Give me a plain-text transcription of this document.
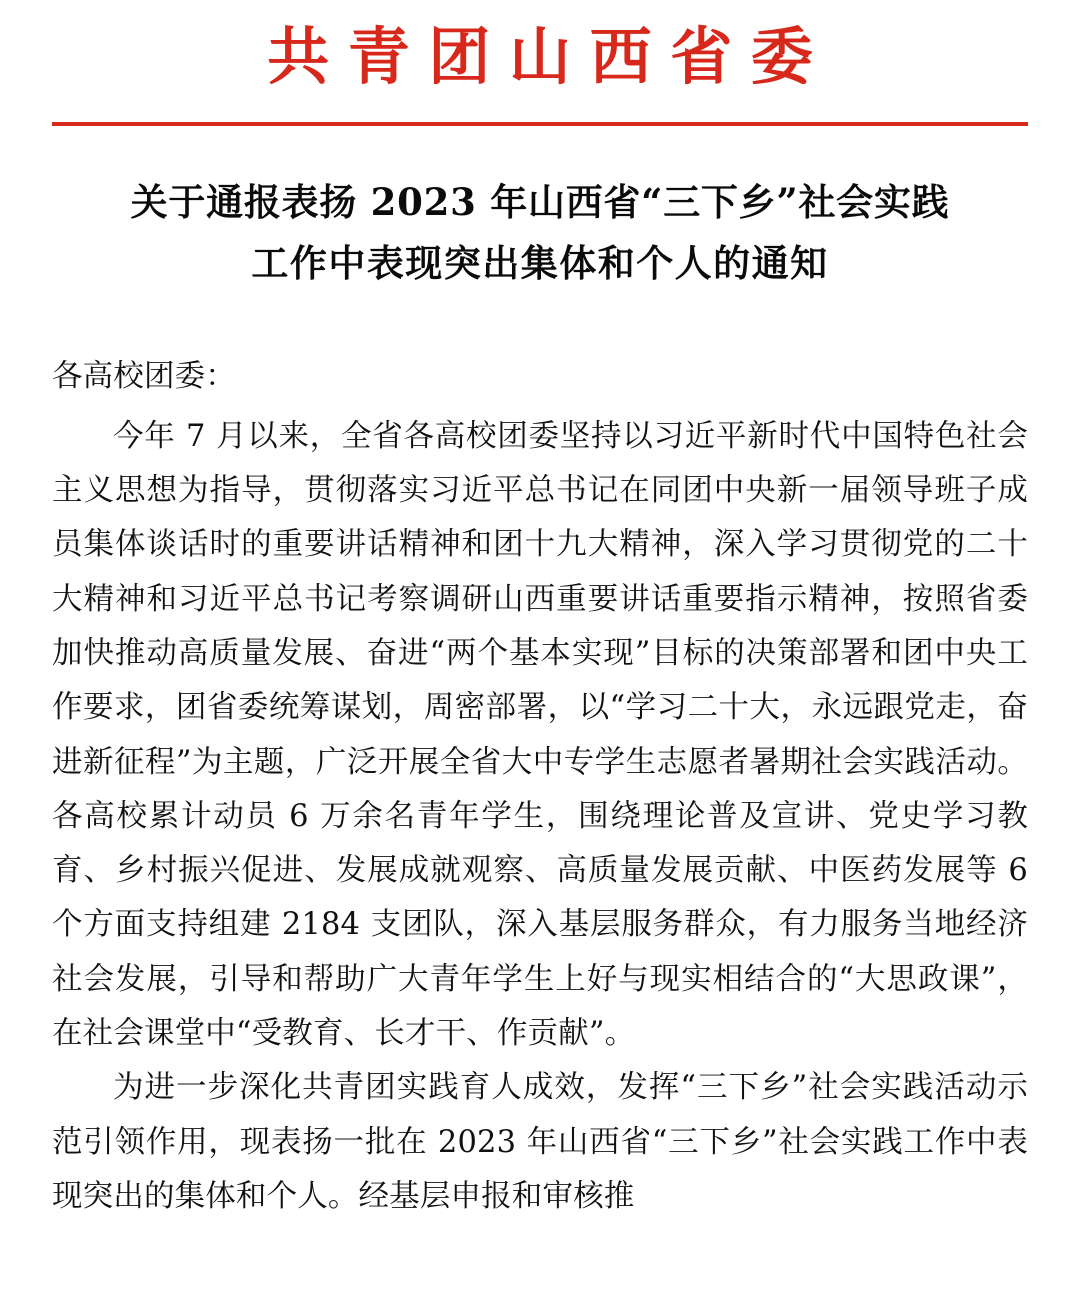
共青团山西省委
关于通报表扬 2023 年山西省“三下乡”社会实践
工作中表现突出集体和个人的通知

各高校团委：

今年 7 月以来，全省各高校团委坚持以习近平新时代中国特色社会主义思想为指导，贯彻落实习近平总书记在同团中央新一届领导班子成员集体谈话时的重要讲话精神和团十九大精神，深入学习贯彻党的二十大精神和习近平总书记考察调研山西重要讲话重要指示精神，按照省委加快推动高质量发展、奋进“两个基本实现”目标的决策部署和团中央工作要求，团省委统筹谋划，周密部署，以“学习二十大，永远跟党走，奋进新征程”为主题，广泛开展全省大中专学生志愿者暑期社会实践活动。各高校累计动员 6 万余名青年学生，围绕理论普及宣讲、党史学习教育、乡村振兴促进、发展成就观察、高质量发展贡献、中医药发展等 6 个方面支持组建 2184 支团队，深入基层服务群众，有力服务当地经济社会发展，引导和帮助广大青年学生上好与现实相结合的“大思政课”，在社会课堂中“受教育、长才干、作贡献”。

为进一步深化共青团实践育人成效，发挥“三下乡”社会实践活动示范引领作用，现表扬一批在 2023 年山西省“三下乡”社会实践工作中表现突出的集体和个人。经基层申报和审核推
